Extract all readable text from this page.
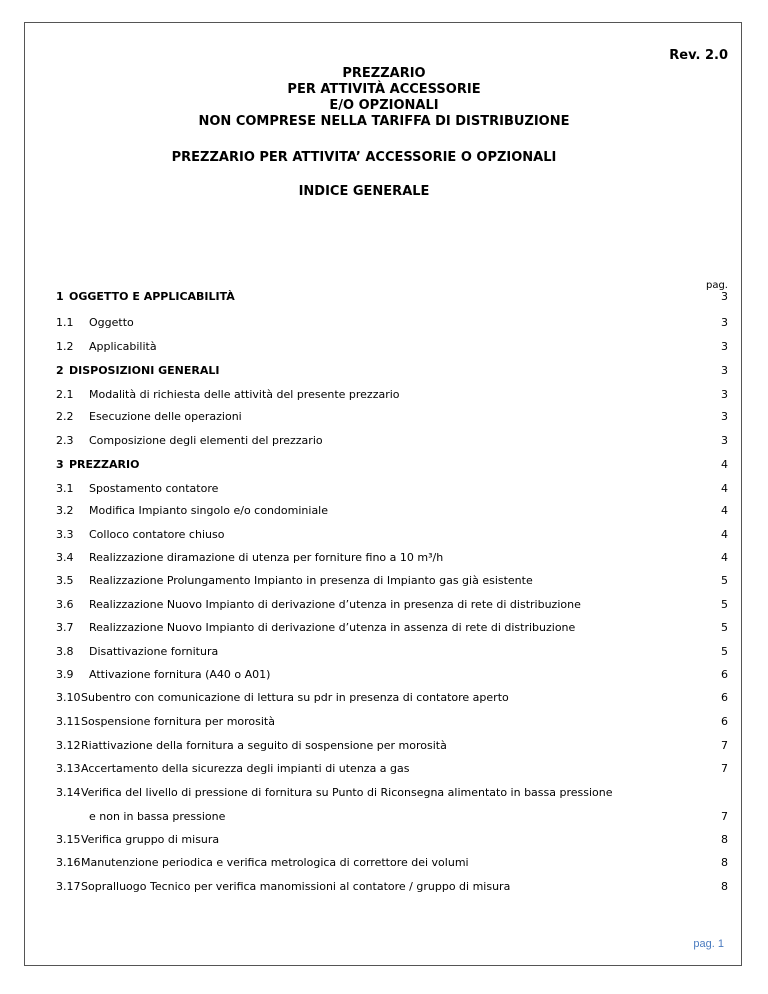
Rev. 2.0
PREZZARIO
PER ATTIVITÀ ACCESSORIE
E/O OPZIONALI
NON COMPRESE NELLA TARIFFA DI DISTRIBUZIONE
PREZZARIO PER ATTIVITA’ ACCESSORIE O OPZIONALI
INDICE GENERALE
pag.
1 OGGETTO E APPLICABILITÀ	3
1.1 Oggetto	3
1.2 Applicabilità	3
2 DISPOSIZIONI GENERALI	3
2.1 Modalità di richiesta delle attività del presente prezzario	3
2.2 Esecuzione delle operazioni	3
2.3 Composizione degli elementi del prezzario	3
3 PREZZARIO	4
3.1 Spostamento contatore	4
3.2 Modifica Impianto singolo e/o condominiale	4
3.3 Colloco contatore chiuso	4
3.4 Realizzazione diramazione di utenza per forniture fino a 10 m³/h	4
3.5 Realizzazione Prolungamento Impianto in presenza di Impianto gas già esistente	5
3.6 Realizzazione Nuovo Impianto di derivazione d’utenza in presenza di rete di distribuzione	5
3.7 Realizzazione Nuovo Impianto di derivazione d’utenza in assenza di rete di distribuzione	5
3.8 Disattivazione fornitura	5
3.9 Attivazione fornitura (A40 o A01)	6
3.10 Subentro con comunicazione di lettura su pdr in presenza di contatore aperto	6
3.11 Sospensione fornitura per morosità	6
3.12 Riattivazione della fornitura a seguito di sospensione per morosità	7
3.13 Accertamento della sicurezza degli impianti di utenza a gas	7
3.14 Verifica del livello di pressione di fornitura su Punto di Riconsegna alimentato in bassa pressione
e non in bassa pressione	7
3.15 Verifica gruppo di misura	8
3.16 Manutenzione periodica e verifica metrologica di correttore dei volumi	8
3.17 Sopralluogo Tecnico per verifica manomissioni al contatore / gruppo di misura	8
pag. 1
